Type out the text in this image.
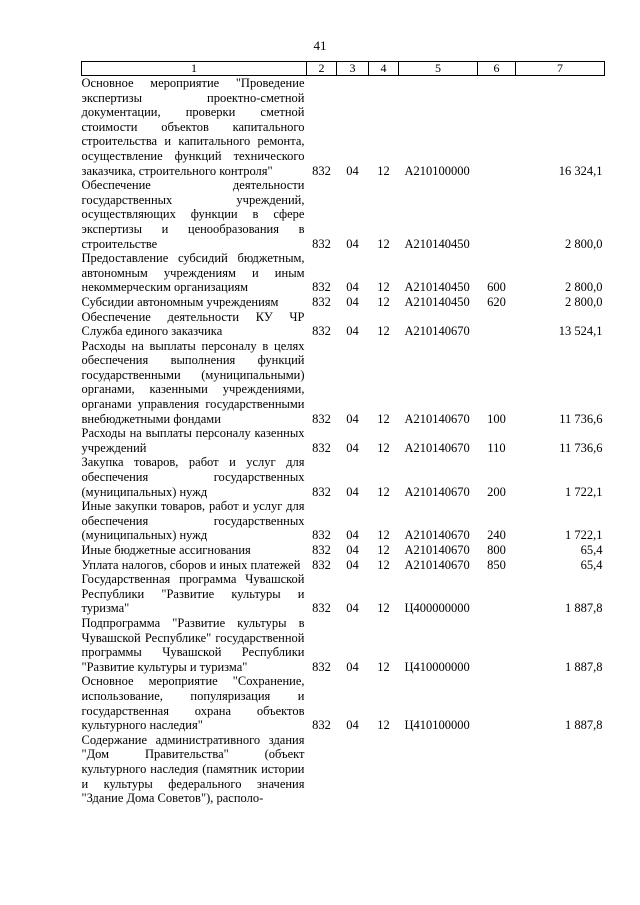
41
1	2	3	4	5	6	7
Основное мероприятие "Проведение экспертизы проектно-сметной документации, проверки сметной стоимости объектов капитального строительства и капитального ремонта, осуществление функций технического заказчика, строительного контроля"	832	04	12	А210100000		16 324,1
Обеспечение деятельности государственных учреждений, осуществляющих функции в сфере экспертизы и ценообразования в строительстве	832	04	12	А210140450		2 800,0
Предоставление субсидий бюджетным, автономным учреждениям и иным некоммерческим организациям	832	04	12	А210140450	600	2 800,0
Субсидии автономным учреждениям	832	04	12	А210140450	620	2 800,0
Обеспечение деятельности КУ ЧР Служба единого заказчика	832	04	12	А210140670		13 524,1
Расходы на выплаты персоналу в целях обеспечения выполнения функций государственными (муниципальными) органами, казенными учреждениями, органами управления государственными внебюджетными фондами	832	04	12	А210140670	100	11 736,6
Расходы на выплаты персоналу казенных учреждений	832	04	12	А210140670	110	11 736,6
Закупка товаров, работ и услуг для обеспечения государственных (муниципальных) нужд	832	04	12	А210140670	200	1 722,1
Иные закупки товаров, работ и услуг для обеспечения государственных (муниципальных) нужд	832	04	12	А210140670	240	1 722,1
Иные бюджетные ассигнования	832	04	12	А210140670	800	65,4
Уплата налогов, сборов и иных платежей	832	04	12	А210140670	850	65,4
Государственная программа Чувашской Республики "Развитие культуры и туризма"	832	04	12	Ц400000000		1 887,8
Подпрограмма "Развитие культуры в Чувашской Республике" государственной программы Чувашской Республики "Развитие культуры и туризма"	832	04	12	Ц410000000		1 887,8
Основное мероприятие "Сохранение, использование, популяризация и государственная охрана объектов культурного наследия"	832	04	12	Ц410100000		1 887,8
Содержание административного здания "Дом Правительства" (объект культурного наследия (памятник истории и культуры федерального значения "Здание Дома Советов"), располо-						
